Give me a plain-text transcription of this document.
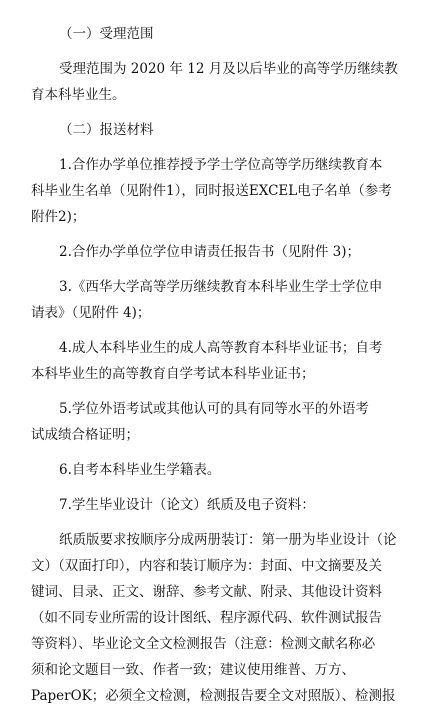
（一）受理范围
受理范围为 2020 年 12 月及以后毕业的高等学历继续教
育本科毕业生。
（二）报送材料
1.合作办学单位推荐授予学士学位高等学历继续教育本
科毕业生名单（见附件1），同时报送EXCEL电子名单（参考
附件2)；
2.合作办学单位学位申请责任报告书（见附件 3)；
3.《西华大学高等学历继续教育本科毕业生学士学位申
请表》（见附件 4)；
4.成人本科毕业生的成人高等教育本科毕业证书；自考
本科毕业生的高等教育自学考试本科毕业证书；
5.学位外语考试或其他认可的具有同等水平的外语考
试成绩合格证明；
6.自考本科毕业生学籍表。
7.学生毕业设计（论文）纸质及电子资料：
纸质版要求按顺序分成两册装订：第一册为毕业设计（论
文）（双面打印），内容和装订顺序为：封面、中文摘要及关
键词、目录、正文、谢辞、参考文献、附录、其他设计资料
（如不同专业所需的设计图纸、程序源代码、软件测试报告
等资料）、毕业论文全文检测报告（注意：检测文献名称必
须和论文题目一致、作者一致；建议使用维普、万方、
PaperOK；必须全文检测，检测报告要全文对照版）、检测报
